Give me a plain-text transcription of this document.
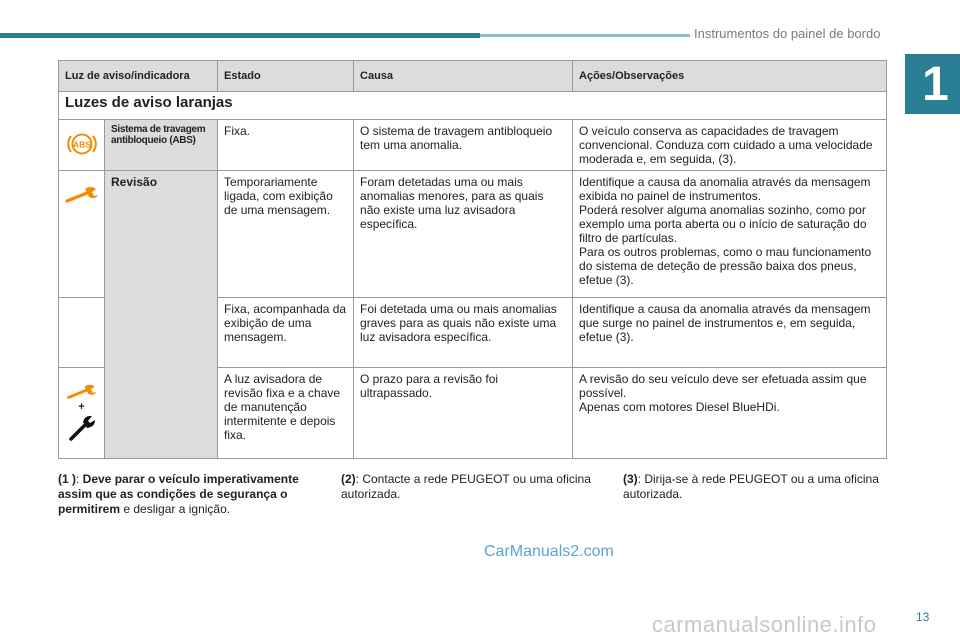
Instrumentos do painel de bordo
1
Luz de aviso/indicadora		Estado	Causa	Ações/Observações
Luzes de aviso laranjas				

ABS	Sistema de travagem antibloqueio (ABS)	Fixa.	O sistema de travagem antibloqueio tem uma anomalia.	O veículo conserva as capacidades de travagem convencional. Conduza com cuidado a uma velocidade moderada e, em seguida, (3).
	Revisão	Temporariamente ligada, com exibição de uma mensagem.	Foram detetadas uma ou mais anomalias menores, para as quais não existe uma luz avisadora específica.	Identifique a causa da anomalia através da mensagem exibida no painel de instrumentos.
Poderá resolver alguma anomalias sozinho, como por exemplo uma porta aberta ou o início de saturação do filtro de partículas.
Para os outros problemas, como o mau funcionamento do sistema de deteção de pressão baixa dos pneus, efetue (3).

		Fixa, acompanhada da exibição de uma mensagem.	Foi detetada uma ou mais anomalias graves para as quais não existe uma luz avisadora específica.	Identifique a causa da anomalia através da mensagem que surge no painel de instrumentos e, em seguida, efetue (3).

+		A luz avisadora de revisão fixa e a chave de manutenção intermitente e depois fixa.	O prazo para a revisão foi ultrapassado.	A revisão do seu veículo deve ser efetuada assim que possível.
Apenas com motores Diesel BlueHDi.
(1 ): Deve parar o veículo imperativamente assim que as condições de segurança o permitirem e desligar a ignição.
(2): Contacte a rede PEUGEOT ou uma oficina autorizada.
(3): Dirija-se à rede PEUGEOT ou a uma oficina autorizada.
CarManuals2.com
carmanualsonline.info	13
